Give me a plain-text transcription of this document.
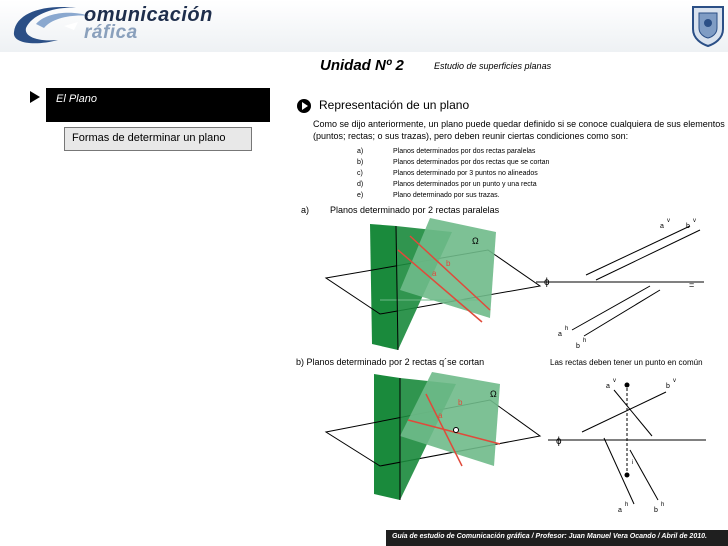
omunicación
ráfica
Unidad Nº 2	Estudio de superficies planas
El Plano
Formas de determinar un plano
Representación de un plano
Como se dijo anteriormente, un plano puede quedar definido si se conoce cualquiera de sus elementos (puntos; rectas; o sus trazas), pero deben reunir ciertas condiciones como son:
a)	Planos determinados por dos rectas paralelas
b)	Planos determinados por dos rectas que se cortan
c)	Planos determinado por 3 puntos no alineados
d)	Planos determinados por un punto y una recta
e)	Plano determinado por sus trazas.
a) Planos determinado por 2 rectas paralelas
b) Planos determinado por 2 rectas q´se cortan	Las rectas deben tener un punto en común
Ω
b
a
ɸ	=
a
v
b
v
a
h
b
h
Ω
b
a
ɸ
a
v
b
v
i
a
h
b
h
Guía de estudio de Comunicación gráfica / Profesor: Juan Manuel Vera Ocando / Abril de 2010.
